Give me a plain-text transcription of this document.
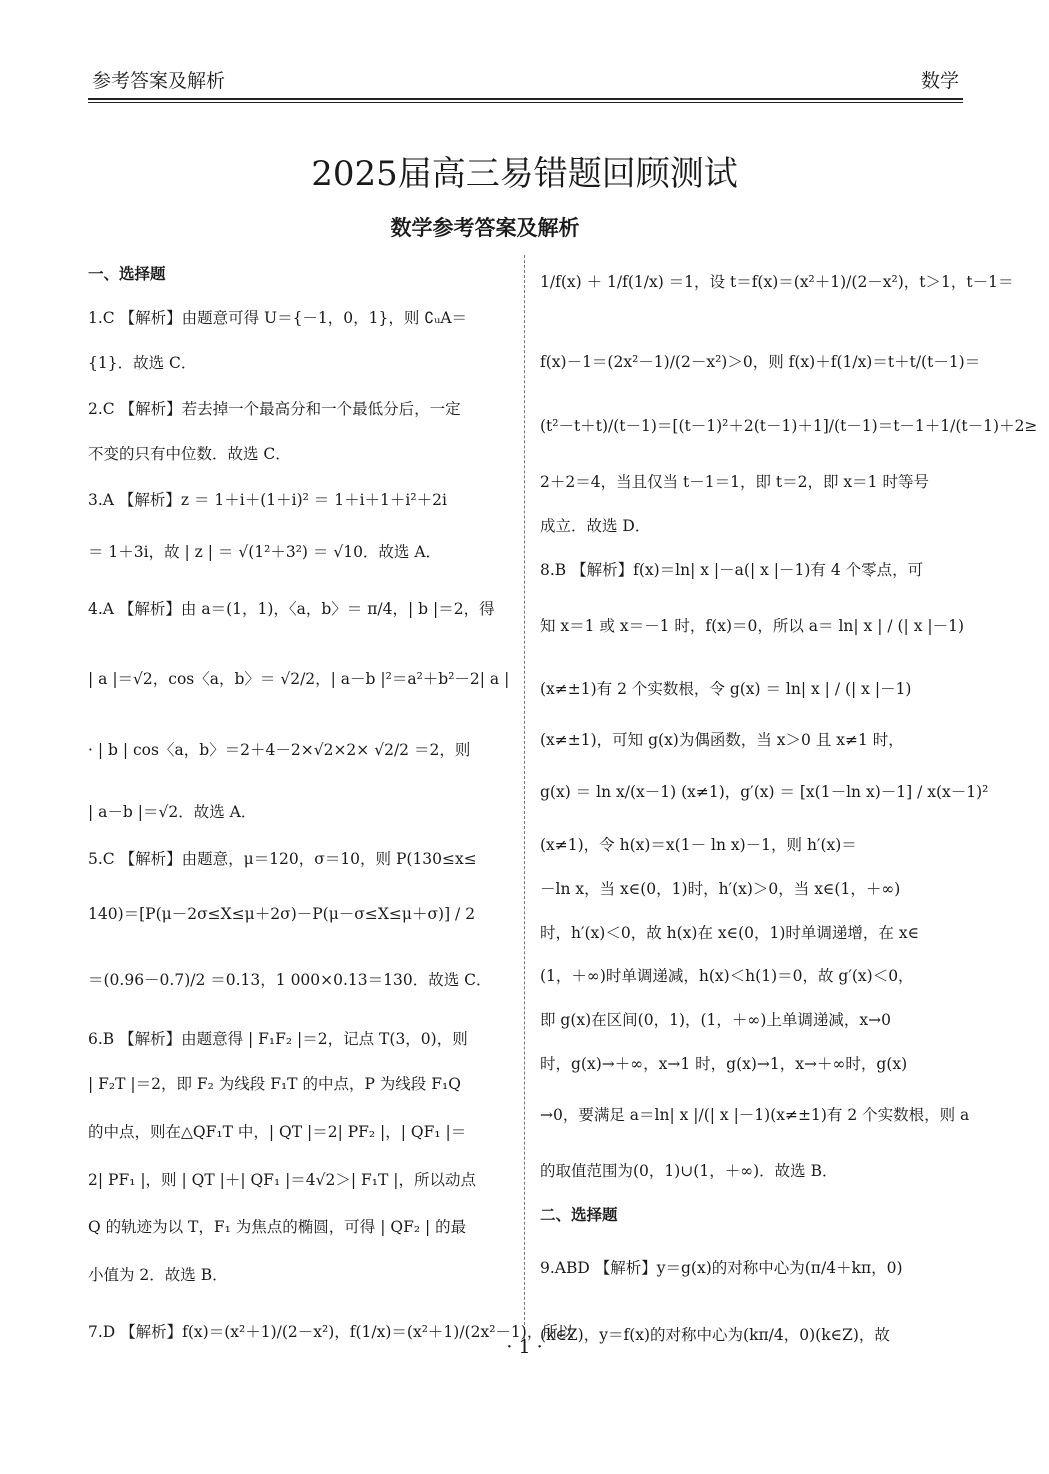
参考答案及解析	数学
2025届高三易错题回顾测试
数学参考答案及解析
一、选择题
1.C 【解析】由题意可得 U＝{－1，0，1}，则 ∁ᵤA＝
{1}．故选 C．
2.C 【解析】若去掉一个最高分和一个最低分后，一定
不变的只有中位数．故选 C．
3.A 【解析】z ＝ 1＋i＋(1＋i)² ＝ 1＋i＋1＋i²＋2i
＝ 1＋3i，故 | z | ＝ √(1²＋3²) ＝ √10．故选 A．
4.A 【解析】由 a＝(1，1)，〈a，b〉＝ π/4，| b |＝2，得
| a |＝√2，cos〈a，b〉＝ √2/2，| a－b |²＝a²＋b²－2| a |
· | b | cos〈a，b〉＝2＋4－2×√2×2× √2/2 ＝2，则
| a－b |＝√2．故选 A．
5.C 【解析】由题意，μ＝120，σ＝10，则 P(130≤x≤
140)＝[P(μ－2σ≤X≤μ＋2σ)－P(μ－σ≤X≤μ＋σ)] / 2
＝(0.96－0.7)/2 ＝0.13，1 000×0.13＝130．故选 C．
6.B 【解析】由题意得 | F₁F₂ |＝2，记点 T(3，0)，则
| F₂T |＝2，即 F₂ 为线段 F₁T 的中点，P 为线段 F₁Q
的中点，则在△QF₁T 中，| QT |＝2| PF₂ |，| QF₁ |＝
2| PF₁ |，则 | QT |＋| QF₁ |＝4√2＞| F₁T |，所以动点
Q 的轨迹为以 T，F₁ 为焦点的椭圆，可得 | QF₂ | 的最
小值为 2．故选 B．
7.D 【解析】f(x)＝(x²＋1)/(2－x²)，f(1/x)＝(x²＋1)/(2x²－1)，所以
1/f(x) ＋ 1/f(1/x) ＝1，设 t＝f(x)＝(x²＋1)/(2－x²)，t＞1，t－1＝
f(x)－1＝(2x²－1)/(2－x²)＞0，则 f(x)＋f(1/x)＝t＋t/(t－1)＝
(t²－t＋t)/(t－1)＝[(t－1)²＋2(t－1)＋1]/(t－1)＝t－1＋1/(t－1)＋2≥
2＋2＝4，当且仅当 t－1＝1，即 t＝2，即 x＝1 时等号
成立．故选 D．
8.B 【解析】f(x)＝ln| x |－a(| x |－1)有 4 个零点，可
知 x＝1 或 x＝－1 时，f(x)＝0，所以 a＝ ln| x | / (| x |－1)
(x≠±1)有 2 个实数根，令 g(x) ＝ ln| x | / (| x |－1)
(x≠±1)，可知 g(x)为偶函数，当 x＞0 且 x≠1 时，
g(x) ＝ ln x/(x－1) (x≠1)，g′(x) ＝ [x(1－ln x)－1] / x(x－1)²
(x≠1)，令 h(x)＝x(1－ ln x)－1，则 h′(x)＝
－ln x，当 x∈(0，1)时，h′(x)＞0，当 x∈(1，＋∞)
时，h′(x)＜0，故 h(x)在 x∈(0，1)时单调递增，在 x∈
(1，＋∞)时单调递减，h(x)＜h(1)＝0，故 g′(x)＜0，
即 g(x)在区间(0，1)，(1，＋∞)上单调递减，x→0
时，g(x)→＋∞，x→1 时，g(x)→1，x→＋∞时，g(x)
→0，要满足 a＝ln| x |/(| x |－1)(x≠±1)有 2 个实数根，则 a
的取值范围为(0，1)∪(1，＋∞)．故选 B．
二、选择题
9.ABD 【解析】y＝g(x)的对称中心为(π/4＋kπ，0)
(k∈Z)，y＝f(x)的对称中心为(kπ/4，0)(k∈Z)，故
· 1 ·
